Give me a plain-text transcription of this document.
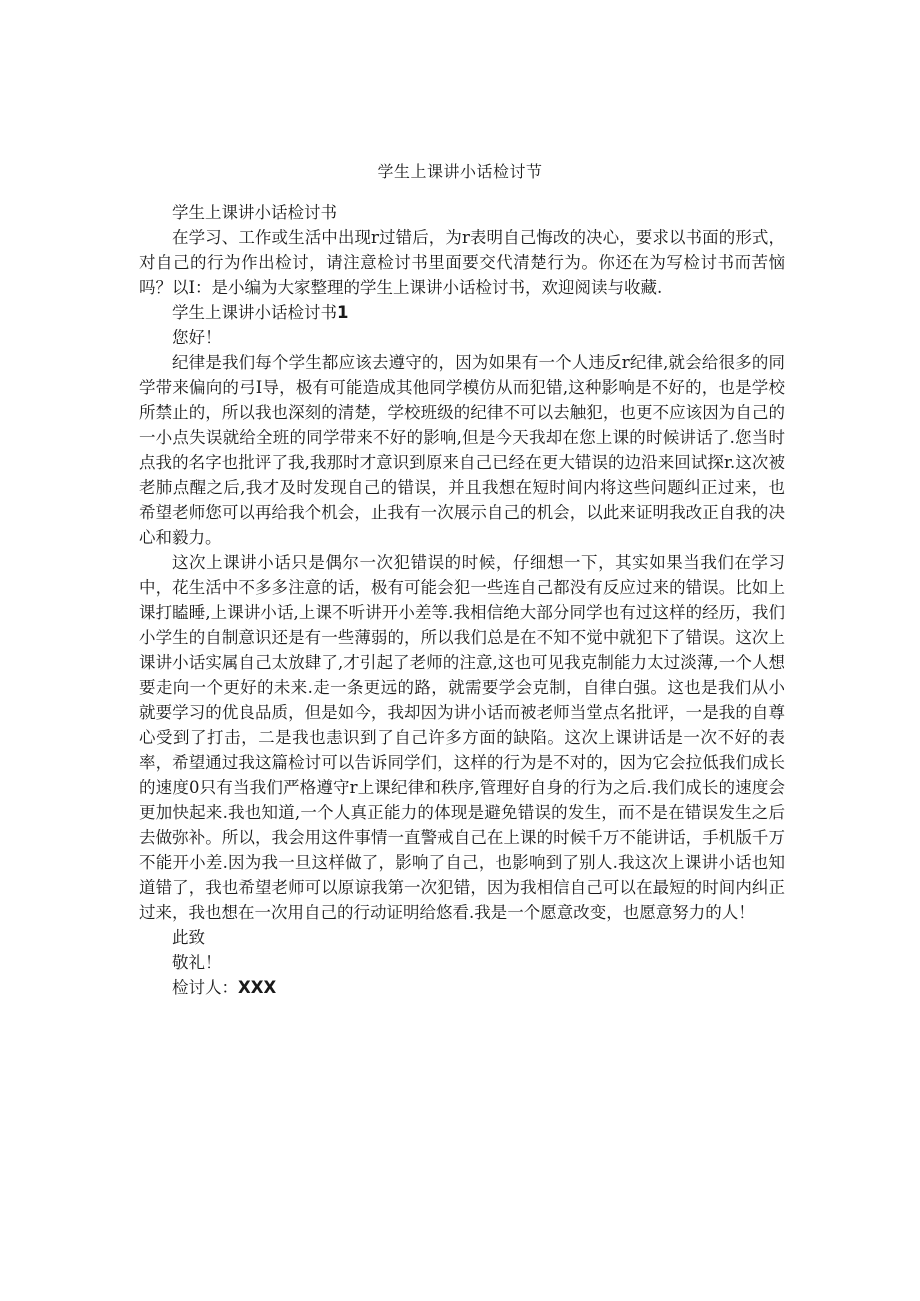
学生上课讲小话检讨节

学生上课讲小话检讨书

在学习、工作或生活中出现r过错后，为r表明自己悔改的决心，要求以书面的形式，对自己的行为作出检讨，请注意检讨书里面要交代清楚行为。你还在为写检讨书而苦恼吗？以I：是小编为大家整理的学生上课讲小话检讨书，欢迎阅读与收藏.

学生上课讲小话检讨书1

您好！

纪律是我们每个学生都应该去遵守的，因为如果有一个人违反r纪律,就会给很多的同学带来偏向的弓I导，极有可能造成其他同学模仿从而犯错,这种影响是不好的，也是学校所禁止的，所以我也深刻的清楚，学校班级的纪律不可以去触犯，也更不应该因为自己的一小点失误就给全班的同学带来不好的影响,但是今天我却在您上课的时候讲话了.您当时点我的名字也批评了我,我那时才意识到原来自己已经在更大错误的边沿来回试探r.这次被老肺点醒之后,我才及时发现自己的错误，并且我想在短时间内将这些问题纠正过来，也希望老师您可以再给我个机会，止我有一次展示自己的机会，以此来证明我改正自我的决心和毅力。

这次上课讲小话只是偶尔一次犯错误的时候，仔细想一下，其实如果当我们在学习中，花生活中不多多注意的话，极有可能会犯一些连自己都没有反应过来的错误。比如上课打瞌睡,上课讲小话,上课不听讲开小差等.我相信绝大部分同学也有过这样的经历，我们小学生的自制意识还是有一些薄弱的，所以我们总是在不知不觉中就犯下了错误。这次上课讲小话实属自己太放肆了,才引起了老师的注意,这也可见我克制能力太过淡薄,一个人想要走向一个更好的未来.走一条更远的路，就需要学会克制，自律白强。这也是我们从小就要学习的优良品质，但是如今，我却因为讲小话而被老师当堂点名批评，一是我的自尊心受到了打击，二是我也恚识到了自己许多方面的缺陷。这次上课讲话是一次不好的表率，希望通过我这篇检讨可以告诉同学们，这样的行为是不对的，因为它会拉低我们成长的速度0只有当我们严格遵守r上课纪律和秩序,管理好自身的行为之后.我们成长的速度会更加快起来.我也知道,一个人真正能力的体现是避免错误的发生，而不是在错误发生之后去做弥补。所以，我会用这件事情一直警戒自己在上课的时候千万不能讲话，手机版千万不能开小差.因为我一旦这样做了，影响了自己，也影响到了别人.我这次上课讲小话也知道错了，我也希望老师可以原谅我第一次犯错，因为我相信自己可以在最短的时间内纠正过来，我也想在一次用自己的行动证明给悠看.我是一个愿意改变，也愿意努力的人！

此致

敬礼！

检讨人：XXX
